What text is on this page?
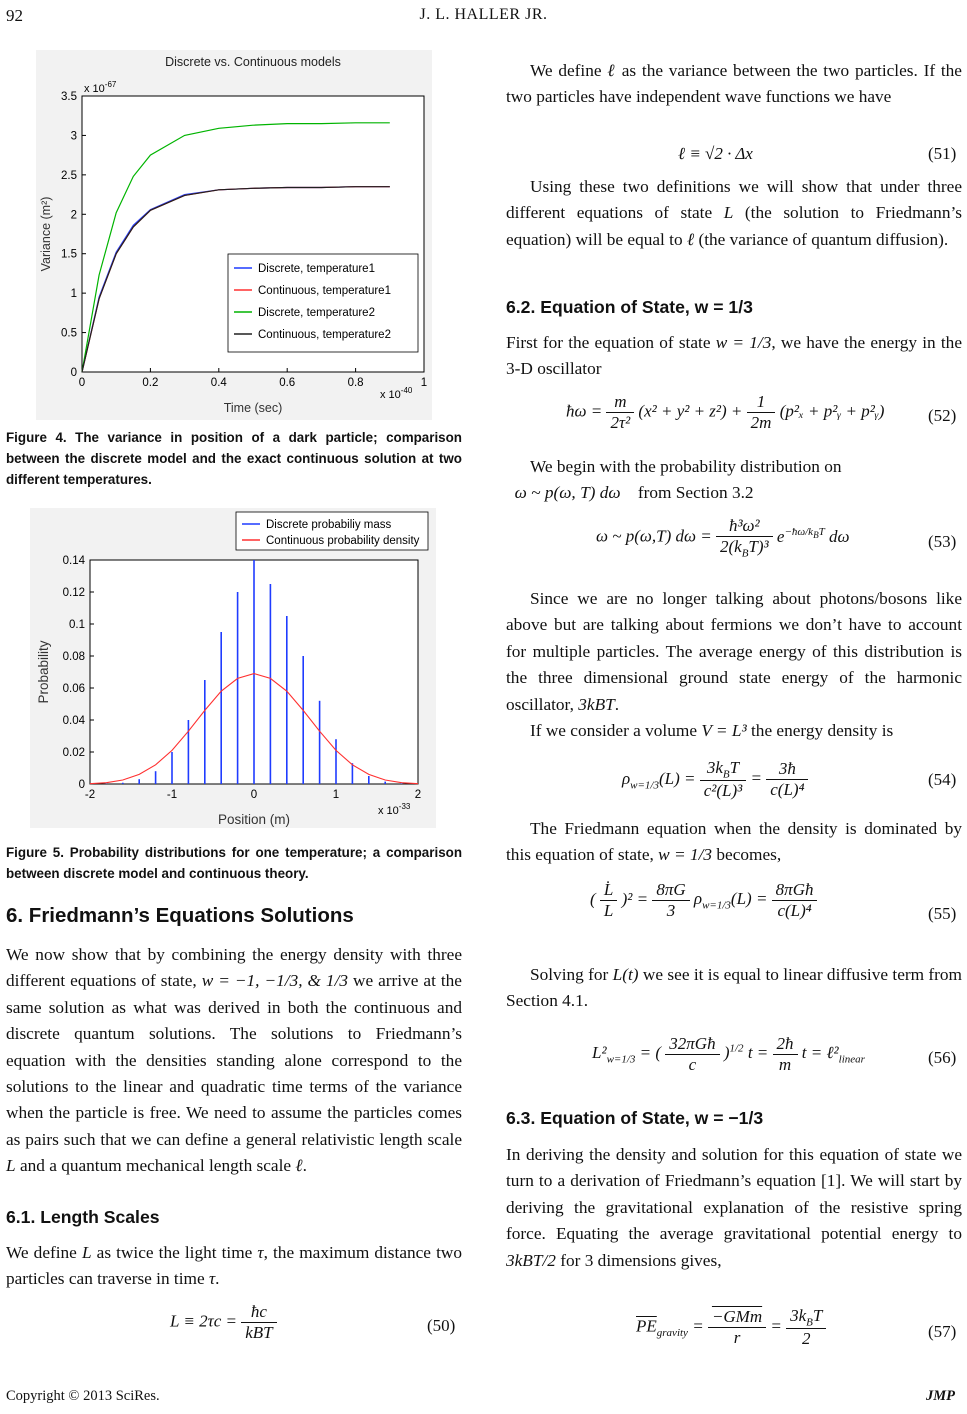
92	J. L. HALLER JR.
Discrete vs. Continuous models
0	0.2	0.4	0.6	0.8	1
0
0.5
1
1.5
2
2.5
3
3.5
x $10^{-67}$
x $10^{-40}$
Time (sec)
Variance (m²)	Discrete, temperature1
Continuous, temperature1
Discrete, temperature2
Continuous, temperature2
Figure 4. The variance in position of a dark particle; comparison between the discrete model and the exact continuous solution at two different temperatures.
-2	-1	0	1	2
0
0.02
0.04
0.06
0.08
0.1
0.12
0.14
x $10^{-33}$
Position (m)
Probability
Discrete probabiliy mass
Continuous probability density
Figure 5. Probability distributions for one temperature; a comparison between discrete model and continuous theory.
6. Friedmann’s Equations Solutions

We now show that by combining the energy density with three different equations of state, w = −1, −1/3, & 1/3 we arrive at the same solution as what was derived in both the continuous and discrete quantum solutions. The solutions to Friedmann’s equation with the densities standing alone correspond to the solutions to the linear and quadratic time terms of the variance when the particle is free. We need to assume the particles comes as pairs such that we can define a general relativistic length scale L and a quantum mechanical length scale ℓ.

6.1. Length Scales

We define L as twice the light time τ, the maximum distance two particles can traverse in time τ.

$L \equiv 2\tau c = \frac{ħc}{\text{kBT}}$	(50)

We define ℓ as the variance between the two particles. If the two particles have independent wave functions we have

ℓ ≡ √2 · Δx	(51)

Using these two definitions we will show that under three different equations of state L (the solution to Friedmann’s equation) will be equal to ℓ (the variance of quantum diffusion).

6.2. Equation of State, w = 1/3

First for the equation of state w = 1/3, we have the energy in the 3-D oscillator

ħω = $\frac{m}{\text{2τ²}} (x^2 + y^2 + z^2) + \frac{1}{2m} (p^2_x$ + p²ᵧ + p²ᵧ)	(52)

We begin with the probability distribution on

ω ~ p(ω, T) dω from Section 3.2

ω ~ p(ω,T) $d\omega = \frac{\text{ħ³ω²}}{2(k_BT)^3} e^{-ħ\omega/k_BT}$ dω	(53)

Since we are no longer talking about photons/bosons like above but are talking about fermions we don’t have to account for multiple particles. The average energy of this distribution is the three dimensional ground state energy of the harmonic oscillator, 3kBT.

If we consider a volume V = L³ the energy density is

$\rho_{w=1/3}(L) = \frac{3k_BT}{\text{c²(L)³}} = \frac{3ħ}{\text{c(L)⁴}}$	(54)

The Friedmann equation when the density is dominated by this equation of state, w = 1/3 becomes,

( $\frac{L̇}{L} )^2 = \frac{8\pi G}{3} \rho_{w=1/3}(L) = \frac{\text{8πGħ}}{\text{c(L)⁴}}$	(55)

Solving for L(t) we see it is equal to linear diffusive term from Section 4.1.

$L^2_{w=1/3}$ = ( $\frac{\text{32πGħ}}{c} )^{1/2}$ $t = \frac{2ħ}{m}$ $t = \ell^2_{linear}$	(56)
6.3. Equation of State, w = −1/3

In deriving the density and solution for this equation of state we turn to a derivation of Friedmann’s equation [1]. We will start by deriving the gravitational explanation of the resistive spring force. Equating the average gravitational potential energy to 3kBT/2 for 3 dimensions gives,

$\overline{PE}_{gravity} = \frac{\text{−GMm}}{r} = \frac{3k_BT}{2}$	(57)
Copyright © 2013 SciRes.	JMP
